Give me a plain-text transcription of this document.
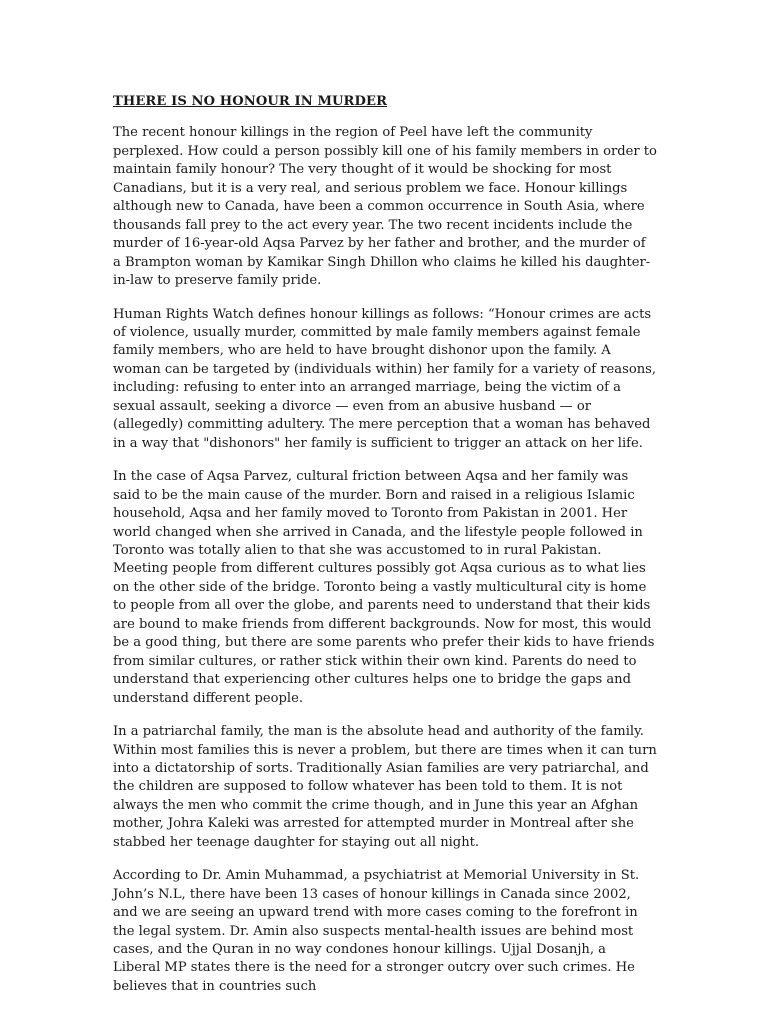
THERE IS NO HONOUR IN MURDER

The recent honour killings in the region of Peel have left the community perplexed. How could a person possibly kill one of his family members in order to maintain family honour? The very thought of it would be shocking for most Canadians, but it is a very real, and serious problem we face. Honour killings although new to Canada, have been a common occurrence in South Asia, where thousands fall prey to the act every year. The two recent incidents include the murder of 16-year-old Aqsa Parvez by her father and brother, and the murder of a Brampton woman by Kamikar Singh Dhillon who claims he killed his daughter-in-law to preserve family pride.

Human Rights Watch defines honour killings as follows: “Honour crimes are acts of violence, usually murder, committed by male family members against female family members, who are held to have brought dishonor upon the family. A woman can be targeted by (individuals within) her family for a variety of reasons, including: refusing to enter into an arranged marriage, being the victim of a sexual assault, seeking a divorce — even from an abusive husband — or (allegedly) committing adultery. The mere perception that a woman has behaved in a way that "dishonors" her family is sufficient to trigger an attack on her life.

In the case of Aqsa Parvez, cultural friction between Aqsa and her family was said to be the main cause of the murder. Born and raised in a religious Islamic household, Aqsa and her family moved to Toronto from Pakistan in 2001. Her world changed when she arrived in Canada, and the lifestyle people followed in Toronto was totally alien to that she was accustomed to in rural Pakistan. Meeting people from different cultures possibly got Aqsa curious as to what lies on the other side of the bridge. Toronto being a vastly multicultural city is home to people from all over the globe, and parents need to understand that their kids are bound to make friends from different backgrounds. Now for most, this would be a good thing, but there are some parents who prefer their kids to have friends from similar cultures, or rather stick within their own kind. Parents do need to understand that experiencing other cultures helps one to bridge the gaps and understand different people.

In a patriarchal family, the man is the absolute head and authority of the family. Within most families this is never a problem, but there are times when it can turn into a dictatorship of sorts. Traditionally Asian families are very patriarchal, and the children are supposed to follow whatever has been told to them. It is not always the men who commit the crime though, and in June this year an Afghan mother, Johra Kaleki was arrested for attempted murder in Montreal after she stabbed her teenage daughter for staying out all night.

According to Dr. Amin Muhammad, a psychiatrist at Memorial University in St. John’s N.L, there have been 13 cases of honour killings in Canada since 2002, and we are seeing an upward trend with more cases coming to the forefront in the legal system. Dr. Amin also suspects mental-health issues are behind most cases, and the Quran in no way condones honour killings. Ujjal Dosanjh, a Liberal MP states there is the need for a stronger outcry over such crimes. He believes that in countries such
